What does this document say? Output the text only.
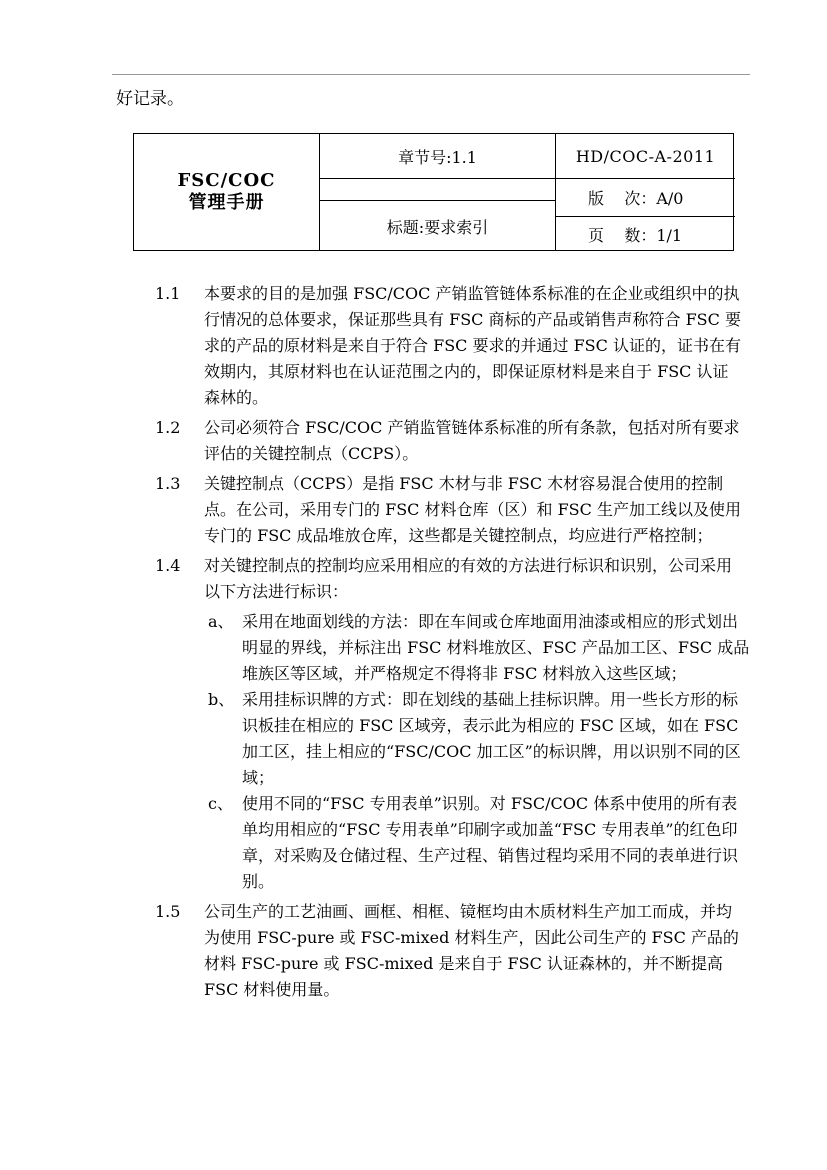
好记录。
FSC/COC
管理手册
章节号:1.1
标题:要求索引
HD/COC-A-2011
版    次：A/0
页    数：1/1
1.1 本要求的目的是加强 FSC/COC 产销监管链体系标准的在企业或组织中的执行情况的总体要求，保证那些具有 FSC 商标的产品或销售声称符合 FSC 要求的产品的原材料是来自于符合 FSC 要求的并通过 FSC 认证的，证书在有效期内，其原材料也在认证范围之内的，即保证原材料是来自于 FSC 认证森林的。
1.2 公司必须符合 FSC/COC 产销监管链体系标准的所有条款，包括对所有要求评估的关键控制点（CCPS）。
1.3 关键控制点（CCPS）是指 FSC 木材与非 FSC 木材容易混合使用的控制点。在公司，采用专门的 FSC 材料仓库（区）和 FSC 生产加工线以及使用专门的 FSC 成品堆放仓库，这些都是关键控制点，均应进行严格控制；
1.4 对关键控制点的控制均应采用相应的有效的方法进行标识和识别，公司采用以下方法进行标识：
a、 采用在地面划线的方法：即在车间或仓库地面用油漆或相应的形式划出明显的界线，并标注出 FSC 材料堆放区、FSC 产品加工区、FSC 成品堆族区等区域，并严格规定不得将非 FSC 材料放入这些区域；
b、 采用挂标识牌的方式：即在划线的基础上挂标识牌。用一些长方形的标识板挂在相应的 FSC 区域旁，表示此为相应的 FSC 区域，如在 FSC 加工区，挂上相应的“FSC/COC 加工区”的标识牌，用以识别不同的区域；
c、 使用不同的“FSC 专用表单”识别。对 FSC/COC 体系中使用的所有表单均用相应的“FSC 专用表单”印刷字或加盖“FSC 专用表单”的红色印章，对采购及仓储过程、生产过程、销售过程均采用不同的表单进行识别。
1.5 公司生产的工艺油画、画框、相框、镜框均由木质材料生产加工而成，并均为使用 FSC-pure 或 FSC-mixed 材料生产，因此公司生产的 FSC 产品的材料 FSC-pure 或 FSC-mixed 是来自于 FSC 认证森林的，并不断提高 FSC 材料使用量。
